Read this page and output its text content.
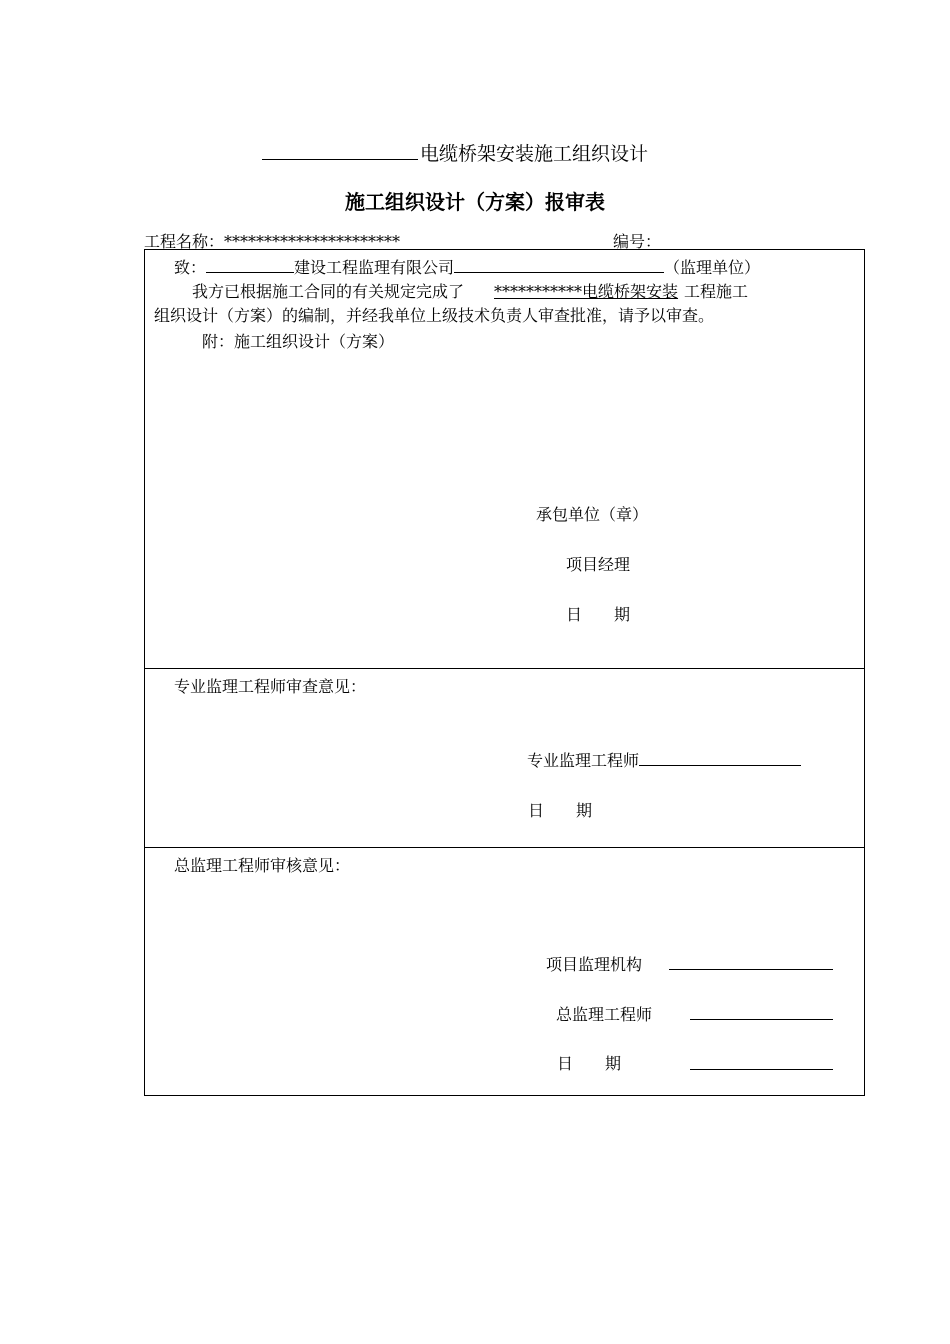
电缆桥架安装施工组织设计
施工组织设计（方案）报审表
工程名称：**********************	编号：
致：	建设工程监理有限公司	（监理单位）
我方已根据施工合同的有关规定完成了 ***********电缆桥架安装 工程施工
组织设计（方案）的编制，并经我单位上级技术负责人审查批准，请予以审查。
附：施工组织设计（方案）
承包单位（章）
项目经理
日　　期
专业监理工程师审查意见：
专业监理工程师
日　　期
总监理工程师审核意见：
项目监理机构
总监理工程师
日　　期
